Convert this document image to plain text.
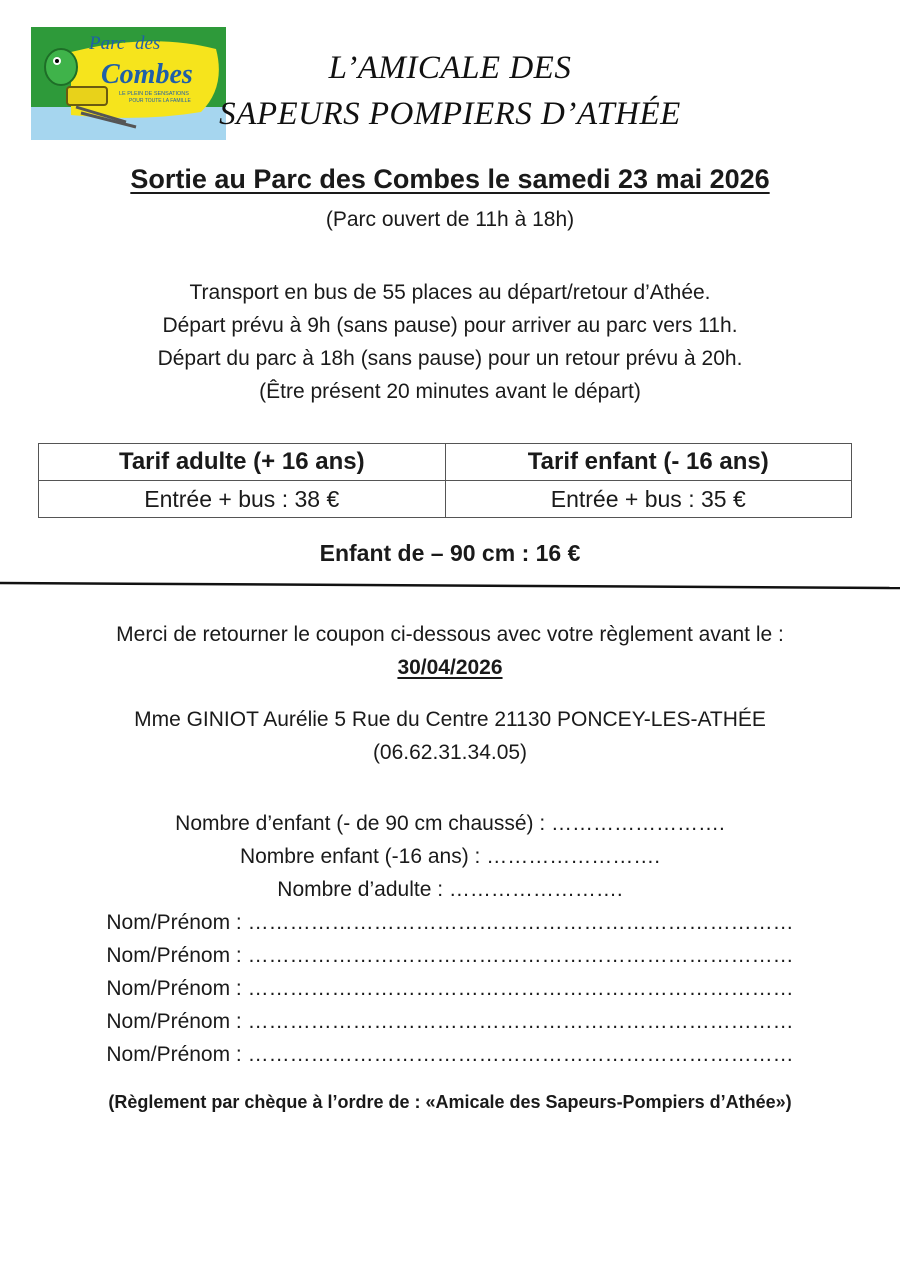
Parc des
Combes
LE PLEIN DE SENSATIONS
POUR TOUTE LA FAMILLE
L’AMICALE DES
SAPEURS POMPIERS D’ATHÉE
Sortie au Parc des Combes le samedi 23 mai 2026
(Parc ouvert de 11h à 18h)
Transport en bus de 55 places au départ/retour d’Athée.
Départ prévu à 9h (sans pause) pour arriver au parc vers 11h.
Départ du parc à 18h (sans pause) pour un retour prévu à 20h.
(Être présent 20 minutes avant le départ)
Tarif adulte (+ 16 ans)	Tarif enfant (- 16 ans)
Entrée + bus : 38 €	Entrée + bus : 35 €
Enfant de – 90 cm : 16 €
Merci de retourner le coupon ci-dessous avec votre règlement avant le :
30/04/2026
Mme GINIOT Aurélie 5 Rue du Centre 21130 PONCEY-LES-ATHÉE
(06.62.31.34.05)
Nombre d’enfant (- de 90 cm chaussé) : …………………….
Nombre enfant (-16 ans) : …………………….
Nombre d’adulte : …………………….
Nom/Prénom : ……………………………………………………………………
Nom/Prénom : ……………………………………………………………………
Nom/Prénom : ……………………………………………………………………
Nom/Prénom : ……………………………………………………………………
Nom/Prénom : ……………………………………………………………………
(Règlement par chèque à l’ordre de : «Amicale des Sapeurs-Pompiers d’Athée»)
